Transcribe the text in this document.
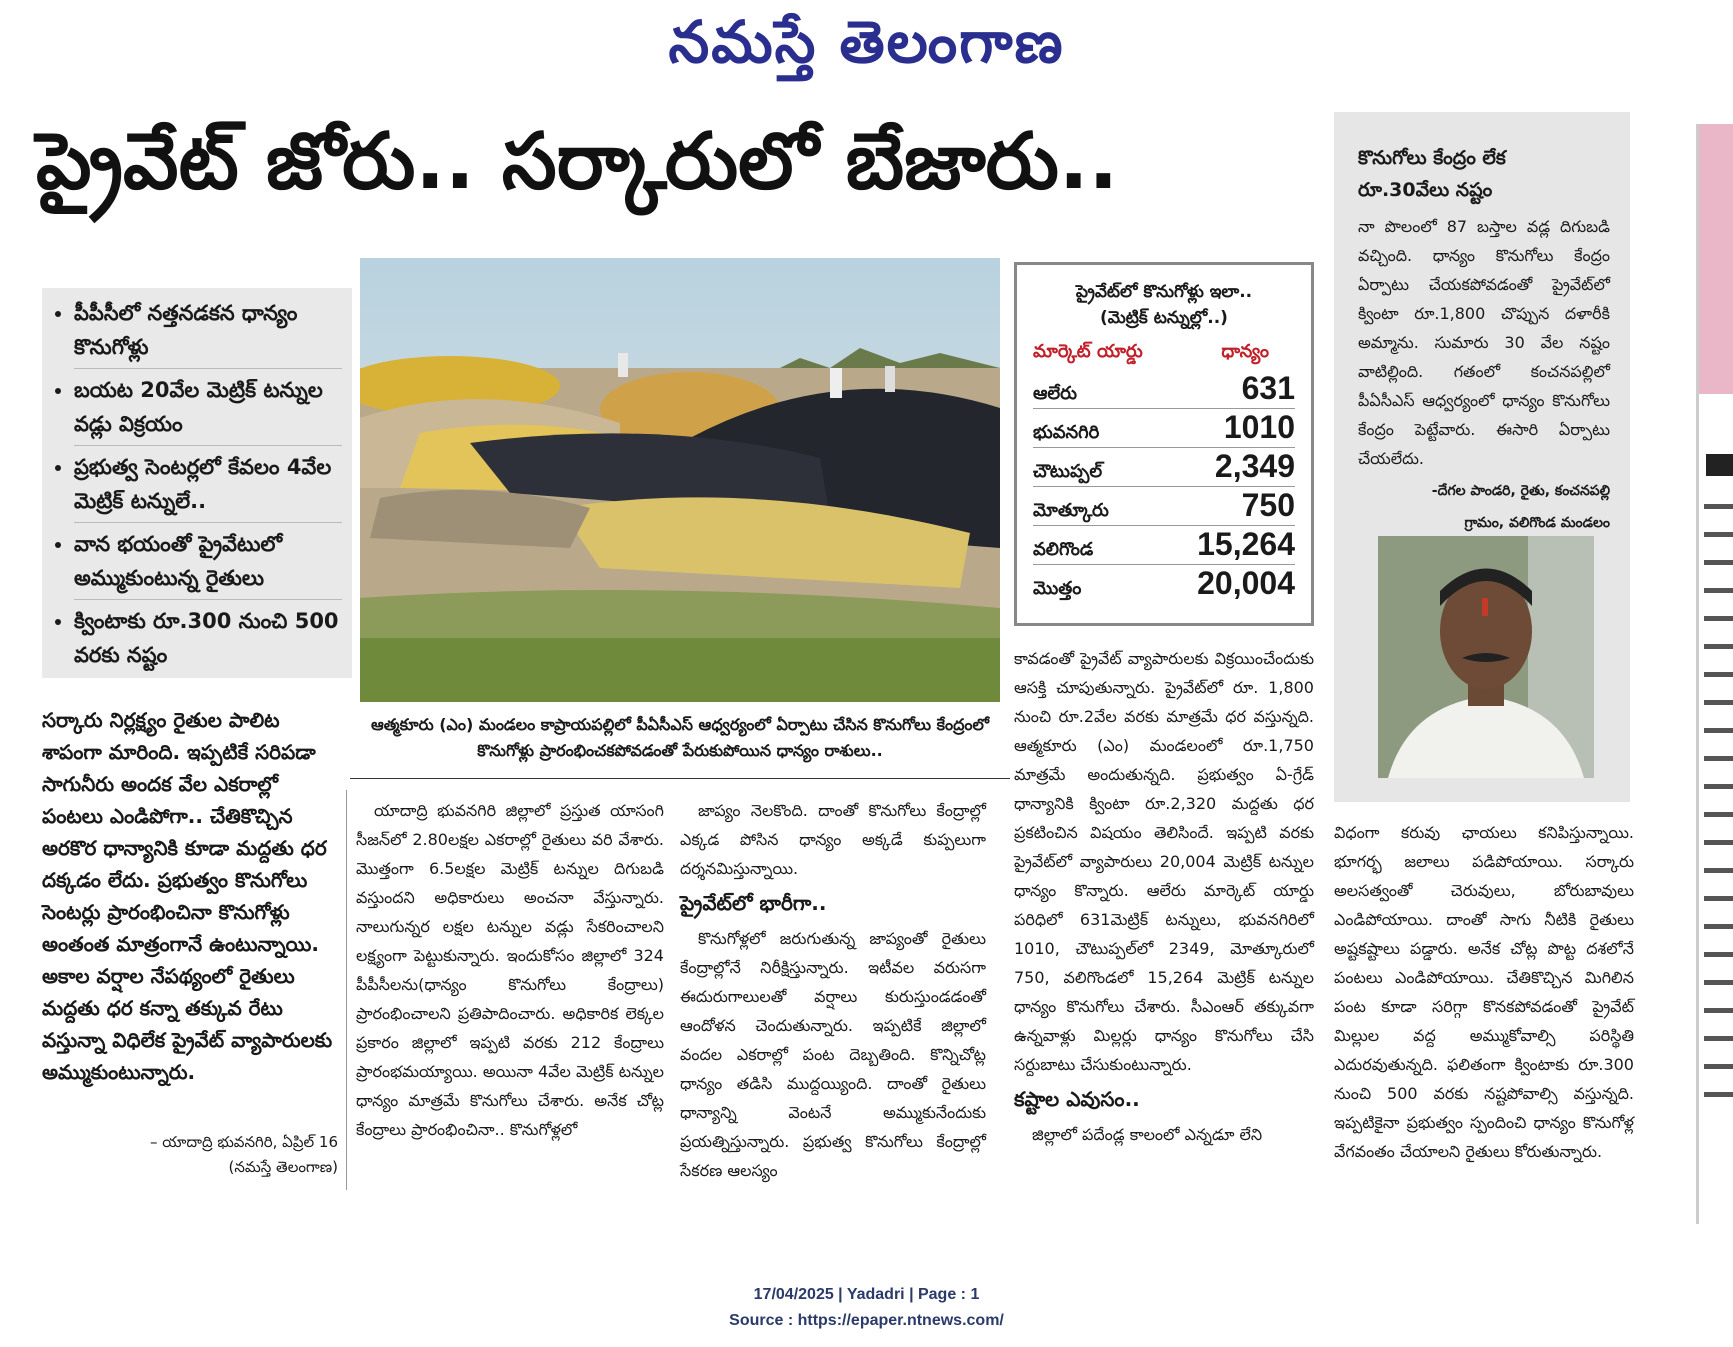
నమస్తే తెలంగాణ
ప్రైవేట్ జోరు.. సర్కారులో బేజారు..
• పీపీసీలో నత్తనడకన ధాన్యం కొనుగోళ్లు
• బయట 20వేల మెట్రిక్ టన్నుల వడ్లు విక్రయం
• ప్రభుత్వ సెంటర్లలో కేవలం 4వేల మెట్రిక్ టన్నులే..
• వాన భయంతో ప్రైవేటులో అమ్ముకుంటున్న రైతులు
• క్వింటాకు రూ.300 నుంచి 500 వరకు నష్టం
ఆత్మకూరు (ఎం) మండలం కాప్రాయపల్లిలో పీఏసీఎస్ ఆధ్వర్యంలో ఏర్పాటు చేసిన కొనుగోలు కేంద్రంలో కొనుగోళ్లు ప్రారంభించకపోవడంతో పేరుకుపోయిన ధాన్యం రాశులు..
సర్కారు నిర్లక్ష్యం రైతుల పాలిట శాపంగా మారింది. ఇప్పటికే సరిపడా సాగునీరు అందక వేల ఎకరాల్లో పంటలు ఎండిపోగా.. చేతికొచ్చిన అరకొర ధాన్యానికి కూడా మద్దతు ధర దక్కడం లేదు. ప్రభుత్వం కొనుగోలు సెంటర్లు ప్రారంభించినా కొనుగోళ్లు అంతంత మాత్రంగానే ఉంటున్నాయి. అకాల వర్షాల నేపథ్యంలో రైతులు మద్దతు ధర కన్నా తక్కువ రేటు వస్తున్నా విధిలేక ప్రైవేట్ వ్యాపారులకు అమ్ముకుంటున్నారు.
– యాదాద్రి భువనగిరి, ఏప్రిల్ 16
(నమస్తే తెలంగాణ)

యాదాద్రి భువనగిరి జిల్లాలో ప్రస్తుత యాసంగి సీజన్‌లో 2.80లక్షల ఎకరాల్లో రైతులు వరి వేశారు. మొత్తంగా 6.5లక్షల మెట్రిక్ టన్నుల దిగుబడి వస్తుందని అధికారులు అంచనా వేస్తున్నారు. నాలుగున్నర లక్షల టన్నుల వడ్లు సేకరించాలని లక్ష్యంగా పెట్టుకున్నారు. ఇందుకోసం జిల్లాలో 324 పీపీసీలను(ధాన్యం కొనుగోలు కేంద్రాలు) ప్రారంభించాలని ప్రతిపాదించారు. అధికారిక లెక్కల ప్రకారం జిల్లాలో ఇప్పటి వరకు 212 కేంద్రాలు ప్రారంభమయ్యాయి. అయినా 4వేల మెట్రిక్ టన్నుల ధాన్యం మాత్రమే కొనుగోలు చేశారు. అనేక చోట్ల కేంద్రాలు ప్రారంభించినా.. కొనుగోళ్లలో

జాప్యం నెలకొంది. దాంతో కొనుగోలు కేంద్రాల్లో ఎక్కడ పోసిన ధాన్యం అక్కడే కుప్పలుగా దర్శనమిస్తున్నాయి.

ప్రైవేట్‌లో భారీగా..

కొనుగోళ్లలో జరుగుతున్న జాప్యంతో రైతులు కేంద్రాల్లోనే నిరీక్షిస్తున్నారు. ఇటీవల వరుసగా ఈదురుగాలులతో వర్షాలు కురుస్తుండడంతో ఆందోళన చెందుతున్నారు. ఇప్పటికే జిల్లాలో వందల ఎకరాల్లో పంట దెబ్బతింది. కొన్నిచోట్ల ధాన్యం తడిసి ముద్దయ్యింది. దాంతో రైతులు ధాన్యాన్ని వెంటనే అమ్ముకునేందుకు ప్రయత్నిస్తున్నారు. ప్రభుత్వ కొనుగోలు కేంద్రాల్లో సేకరణ ఆలస్యం

కావడంతో ప్రైవేట్ వ్యాపారులకు విక్రయించేందుకు ఆసక్తి చూపుతున్నారు. ప్రైవేట్‌లో రూ. 1,800 నుంచి రూ.2వేల వరకు మాత్రమే ధర వస్తున్నది. ఆత్మకూరు (ఎం) మండలంలో రూ.1,750 మాత్రమే అందుతున్నది. ప్రభుత్వం ఏ-గ్రేడ్ ధాన్యానికి క్వింటా రూ.2,320 మద్దతు ధర ప్రకటించిన విషయం తెలిసిందే. ఇప్పటి వరకు ప్రైవేట్‌లో వ్యాపారులు 20,004 మెట్రిక్ టన్నుల ధాన్యం కొన్నారు. ఆలేరు మార్కెట్ యార్డు పరిధిలో 631మెట్రిక్ టన్నులు, భువనగిరిలో 1010, చౌటుప్పల్‌లో 2349, మోత్కూరులో 750, వలిగొండలో 15,264 మెట్రిక్ టన్నుల ధాన్యం కొనుగోలు చేశారు. సీఎంఆర్ తక్కువగా ఉన్నవాళ్లు మిల్లర్లు ధాన్యం కొనుగోలు చేసి సర్దుబాటు చేసుకుంటున్నారు.

కష్టాల ఎవుసం..

జిల్లాలో పదేండ్ల కాలంలో ఎన్నడూ లేని

విధంగా కరువు ఛాయలు కనిపిస్తున్నాయి. భూగర్భ జలాలు పడిపోయాయి. సర్కారు అలసత్వంతో చెరువులు, బోరుబావులు ఎండిపోయాయి. దాంతో సాగు నీటికి రైతులు అష్టకష్టాలు పడ్డారు. అనేక చోట్ల పొట్ట దశలోనే పంటలు ఎండిపోయాయి. చేతికొచ్చిన మిగిలిన పంట కూడా సరిగ్గా కొనకపోవడంతో ప్రైవేట్ మిల్లుల వద్ద అమ్ముకోవాల్సి పరిస్థితి ఎదురవుతున్నది. ఫలితంగా క్వింటాకు రూ.300 నుంచి 500 వరకు నష్టపోవాల్సి వస్తున్నది. ఇప్పటికైనా ప్రభుత్వం స్పందించి ధాన్యం కొనుగోళ్ల వేగవంతం చేయాలని రైతులు కోరుతున్నారు.

ప్రైవేట్‌లో కొనుగోళ్లు ఇలా..
(మెట్రిక్ టన్నుల్లో..)
మార్కెట్ యార్డు	ధాన్యం
ఆలేరు	631
భువనగిరి	1010
చౌటుప్పల్	2,349
మోత్కూరు	750
వలిగొండ	15,264
మొత్తం	20,004
కొనుగోలు కేంద్రం లేక
రూ.30వేలు నష్టం
నా పొలంలో 87 బస్తాల వడ్ల దిగుబడి వచ్చింది. ధాన్యం కొనుగోలు కేంద్రం ఏర్పాటు చేయకపోవడంతో ప్రైవేట్‌లో క్వింటా రూ.1,800 చొప్పున దళారీకి అమ్మాను. సుమారు 30 వేల నష్టం వాటిల్లింది. గతంలో కంచనపల్లిలో పీఏసీఎస్ ఆధ్వర్యంలో ధాన్యం కొనుగోలు కేంద్రం పెట్టేవారు. ఈసారి ఏర్పాటు చేయలేదు.
-దేగల పాండరి, రైతు, కంచనపల్లి
గ్రామం, వలిగొండ మండలం
17/04/2025 | Yadadri | Page : 1
Source : https://epaper.ntnews.com/
